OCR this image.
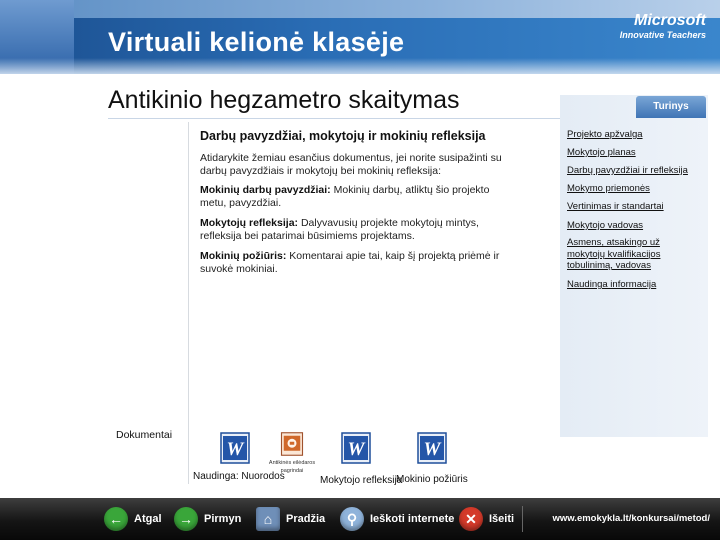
Virtuali kelionė klasėje
Microsoft
Innovative Teachers
Antikinio hegzametro skaitymas
Darbų pavyzdžiai, mokytojų ir mokinių refleksija
Atidarykite žemiau esančius dokumentus, jei norite susipažinti su darbų pavyzdžiais ir mokytojų bei mokinių refleksija:
Mokinių darbų pavyzdžiai: Mokinių darbų, atliktų šio projekto metu, pavyzdžiai.
Mokytojų refleksija: Dalyvavusių projekte mokytojų mintys, refleksija bei patarimai būsimiems projektams.
Mokinių požiūris: Komentarai apie tai, kaip šį projektą priėmė ir suvokė mokiniai.
Dokumentai
W
Naudinga: Nuorodos
Antikinės eilėdaros pagrindai
W
Mokytojo refleksija
W
Mokinio požiūris
Turinys
Projekto apžvalga
Mokytojo planas
Darbų pavyzdžiai ir refleksija
Mokymo priemonės
Vertinimas ir standartai
Mokytojo vadovas
Asmens, atsakingo už mokytojų kvalifikacijos tobulinimą, vadovas
Naudinga informacija
←	Atgal	→	Pirmyn	⌂	Pradžia	⚲	Ieškoti internete ✕	Išeiti	www.emokykla.lt/konkursai/metod/
